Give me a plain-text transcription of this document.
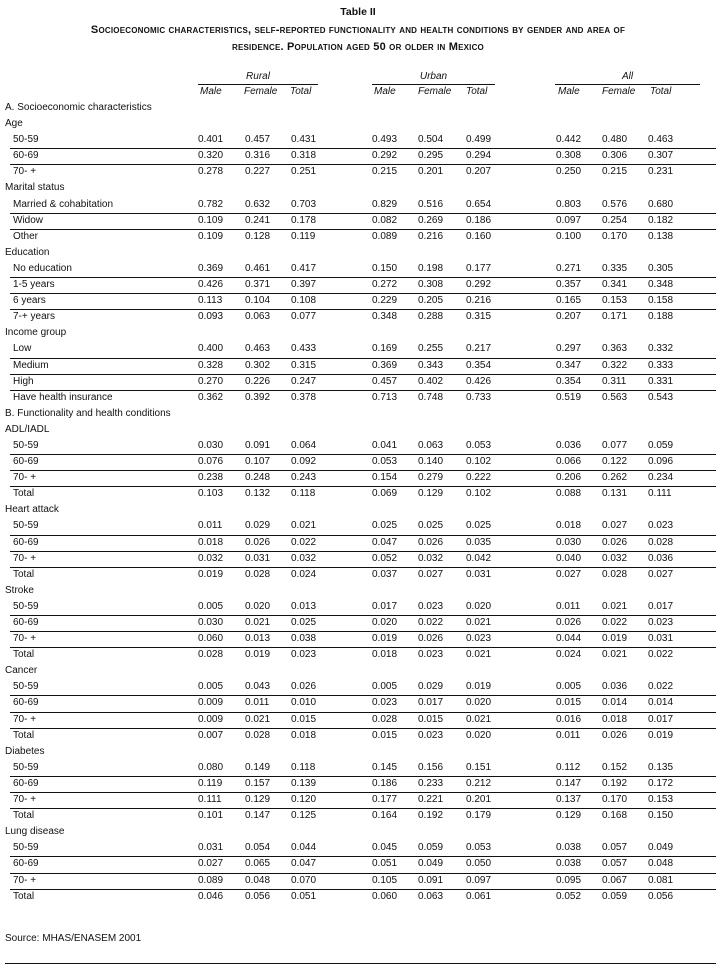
Table II
Socioeconomic characteristics, self-reported functionality and health conditions by gender and area of
residence. Population aged 50 or older in Mexico
Rural	Urban	All
Male Female Total	Male Female Total	Male Female Total
A. Socioeconomic characteristics
Age
50-59	0.401 0.457 0.431	0.493 0.504 0.499	0.442 0.480 0.463
60-69	0.320 0.316 0.318	0.292 0.295 0.294	0.308 0.306 0.307
70- +	0.278 0.227 0.251	0.215 0.201 0.207	0.250 0.215 0.231
Marital status
Married & cohabitation	0.782 0.632 0.703	0.829 0.516 0.654	0.803 0.576 0.680
Widow	0.109 0.241 0.178	0.082 0.269 0.186	0.097 0.254 0.182
Other	0.109 0.128 0.119	0.089 0.216 0.160	0.100 0.170 0.138
Education
No education	0.369 0.461 0.417	0.150 0.198 0.177	0.271 0.335 0.305
1-5 years	0.426 0.371 0.397	0.272 0.308 0.292	0.357 0.341 0.348
6 years	0.113 0.104 0.108	0.229 0.205 0.216	0.165 0.153 0.158
7-+ years	0.093 0.063 0.077	0.348 0.288 0.315	0.207 0.171 0.188
Income group
Low	0.400 0.463 0.433	0.169 0.255 0.217	0.297 0.363 0.332
Medium	0.328 0.302 0.315	0.369 0.343 0.354	0.347 0.322 0.333
High	0.270 0.226 0.247	0.457 0.402 0.426	0.354 0.311 0.331
Have health insurance	0.362 0.392 0.378	0.713 0.748 0.733	0.519 0.563 0.543
B. Functionality and health conditions
ADL/IADL
50-59	0.030 0.091 0.064	0.041 0.063 0.053	0.036 0.077 0.059
60-69	0.076 0.107 0.092	0.053 0.140 0.102	0.066 0.122 0.096
70- +	0.238 0.248 0.243	0.154 0.279 0.222	0.206 0.262 0.234
Total	0.103 0.132 0.118	0.069 0.129 0.102	0.088 0.131 0.111
Heart attack
50-59	0.011 0.029 0.021	0.025 0.025 0.025	0.018 0.027 0.023
60-69	0.018 0.026 0.022	0.047 0.026 0.035	0.030 0.026 0.028
70- +	0.032 0.031 0.032	0.052 0.032 0.042	0.040 0.032 0.036
Total	0.019 0.028 0.024	0.037 0.027 0.031	0.027 0.028 0.027
Stroke
50-59	0.005 0.020 0.013	0.017 0.023 0.020	0.011 0.021 0.017
60-69	0.030 0.021 0.025	0.020 0.022 0.021	0.026 0.022 0.023
70- +	0.060 0.013 0.038	0.019 0.026 0.023	0.044 0.019 0.031
Total	0.028 0.019 0.023	0.018 0.023 0.021	0.024 0.021 0.022
Cancer
50-59	0.005 0.043 0.026	0.005 0.029 0.019	0.005 0.036 0.022
60-69	0.009 0.011 0.010	0.023 0.017 0.020	0.015 0.014 0.014
70- +	0.009 0.021 0.015	0.028 0.015 0.021	0.016 0.018 0.017
Total	0.007 0.028 0.018	0.015 0.023 0.020	0.011 0.026 0.019
Diabetes
50-59	0.080 0.149 0.118	0.145 0.156 0.151	0.112 0.152 0.135
60-69	0.119 0.157 0.139	0.186 0.233 0.212	0.147 0.192 0.172
70- +	0.111 0.129 0.120	0.177 0.221 0.201	0.137 0.170 0.153
Total	0.101 0.147 0.125	0.164 0.192 0.179	0.129 0.168 0.150
Lung disease
50-59	0.031 0.054 0.044	0.045 0.059 0.053	0.038 0.057 0.049
60-69	0.027 0.065 0.047	0.051 0.049 0.050	0.038 0.057 0.048
70- +	0.089 0.048 0.070	0.105 0.091 0.097	0.095 0.067 0.081
Total	0.046 0.056 0.051	0.060 0.063 0.061	0.052 0.059 0.056
Source: MHAS/ENASEM 2001
